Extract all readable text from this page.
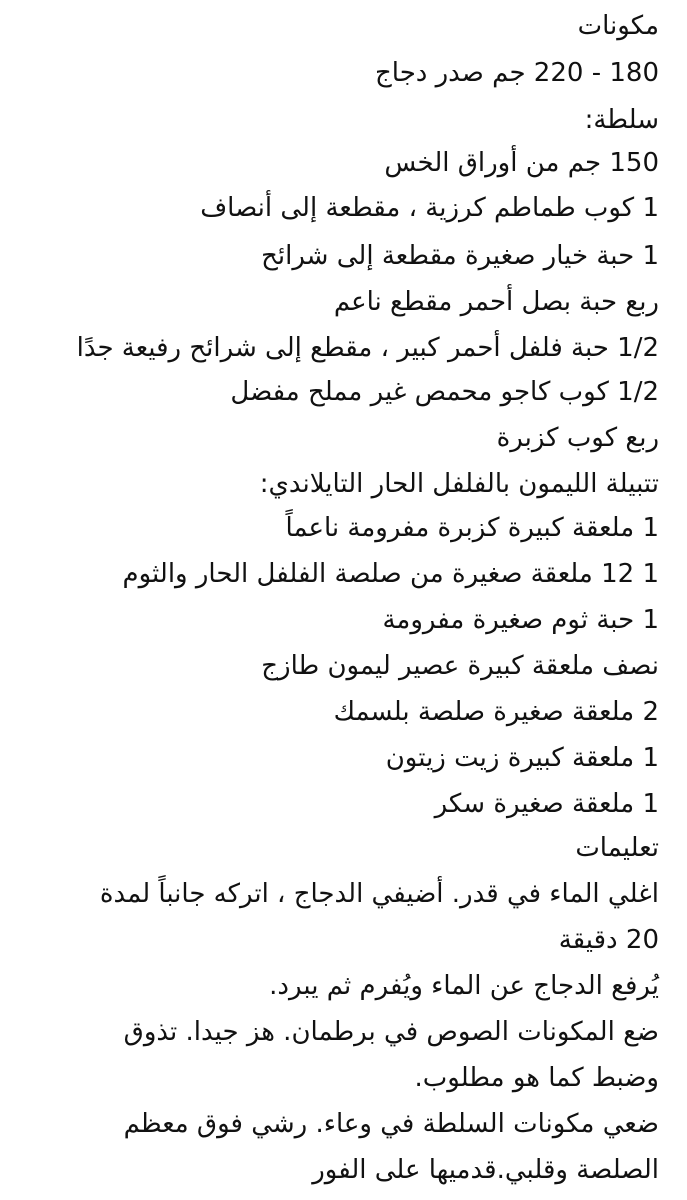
مكونات

180 - 220 جم صدر دجاج

سلطة:

150 جم من أوراق الخس

1 كوب طماطم كرزية ، مقطعة إلى أنصاف

1 حبة خيار صغيرة مقطعة إلى شرائح

ربع حبة بصل أحمر مقطع ناعم

1/2 حبة فلفل أحمر كبير ، مقطع إلى شرائح رفيعة جدًا

1/2 كوب كاجو محمص غير مملح مفضل

ربع كوب كزبرة

تتبيلة الليمون بالفلفل الحار التايلاندي:

1 ملعقة كبيرة كزبرة مفرومة ناعماً

1 12 ملعقة صغيرة من صلصة الفلفل الحار والثوم

1 حبة ثوم صغيرة مفرومة

نصف ملعقة كبيرة عصير ليمون طازج

2 ملعقة صغيرة صلصة بلسمك

1 ملعقة كبيرة زيت زيتون

1 ملعقة صغيرة سكر

تعليمات

اغلي الماء في قدر. أضيفي الدجاج ، اتركه جانباً لمدة

20 دقيقة

يُرفع الدجاج عن الماء ويُفرم ثم يبرد.

ضع المكونات الصوص في برطمان. هز جيدا. تذوق

وضبط كما هو مطلوب.

ضعي مكونات السلطة في وعاء. رشي فوق معظم

الصلصة وقلبي.قدميها على الفور
